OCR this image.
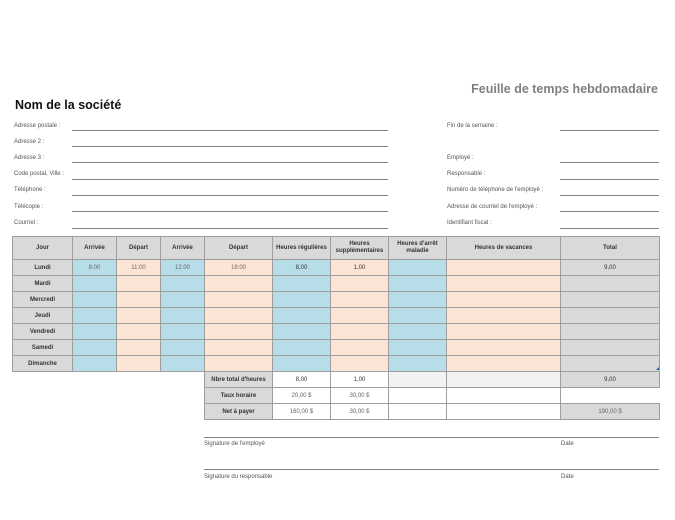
Feuille de temps hebdomadaire
Nom de la société
Adresse postale :
Adresse 2 :
Adresse 3 :
Code postal, Ville :
Téléphone :
Télécopie :
Courriel :
Fin de la semaine :
Employé :
Responsable :
Numéro de téléphone de l'employé :
Adresse de courriel de l'employé :
Identifiant fiscal :
Jour	Arrivée	Départ	Arrivée	Départ	Heures régulières	Heures supplémentaires	Heures d'arrêt maladie	Heures de vacances	Total
Lundi	8:00	11:00	12:00	18:00	8,00	1,00			9,00
Mardi									
Mercredi									
Jeudi									
Vendredi									
Samedi									
Dimanche									
				Nbre total d'heures	8,00	1,00			9,00
				Taux horaire	20,00 $	30,00 $			
				Net à payer	160,00 $	30,00 $			190,00 $
Signature de l'employé	Date
Signature du responsable	Date
